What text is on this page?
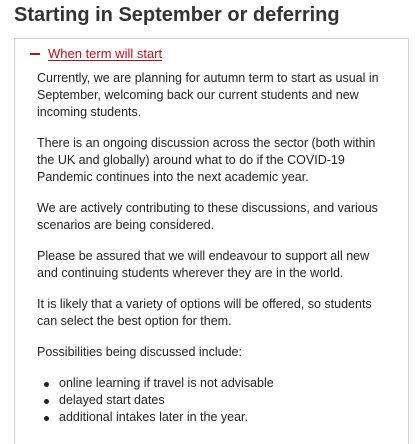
Starting in September or deferring
When term will start

Currently, we are planning for autumn term to start as usual in September, welcoming back our current students and new incoming students.

There is an ongoing discussion across the sector (both within the UK and globally) around what to do if the COVID-19 Pandemic continues into the next academic year.

We are actively contributing to these discussions, and various scenarios are being considered.

Please be assured that we will endeavour to support all new and continuing students wherever they are in the world.

It is likely that a variety of options will be offered, so students can select the best option for them.

Possibilities being discussed include:

online learning if travel is not advisable
delayed start dates
additional intakes later in the year.
